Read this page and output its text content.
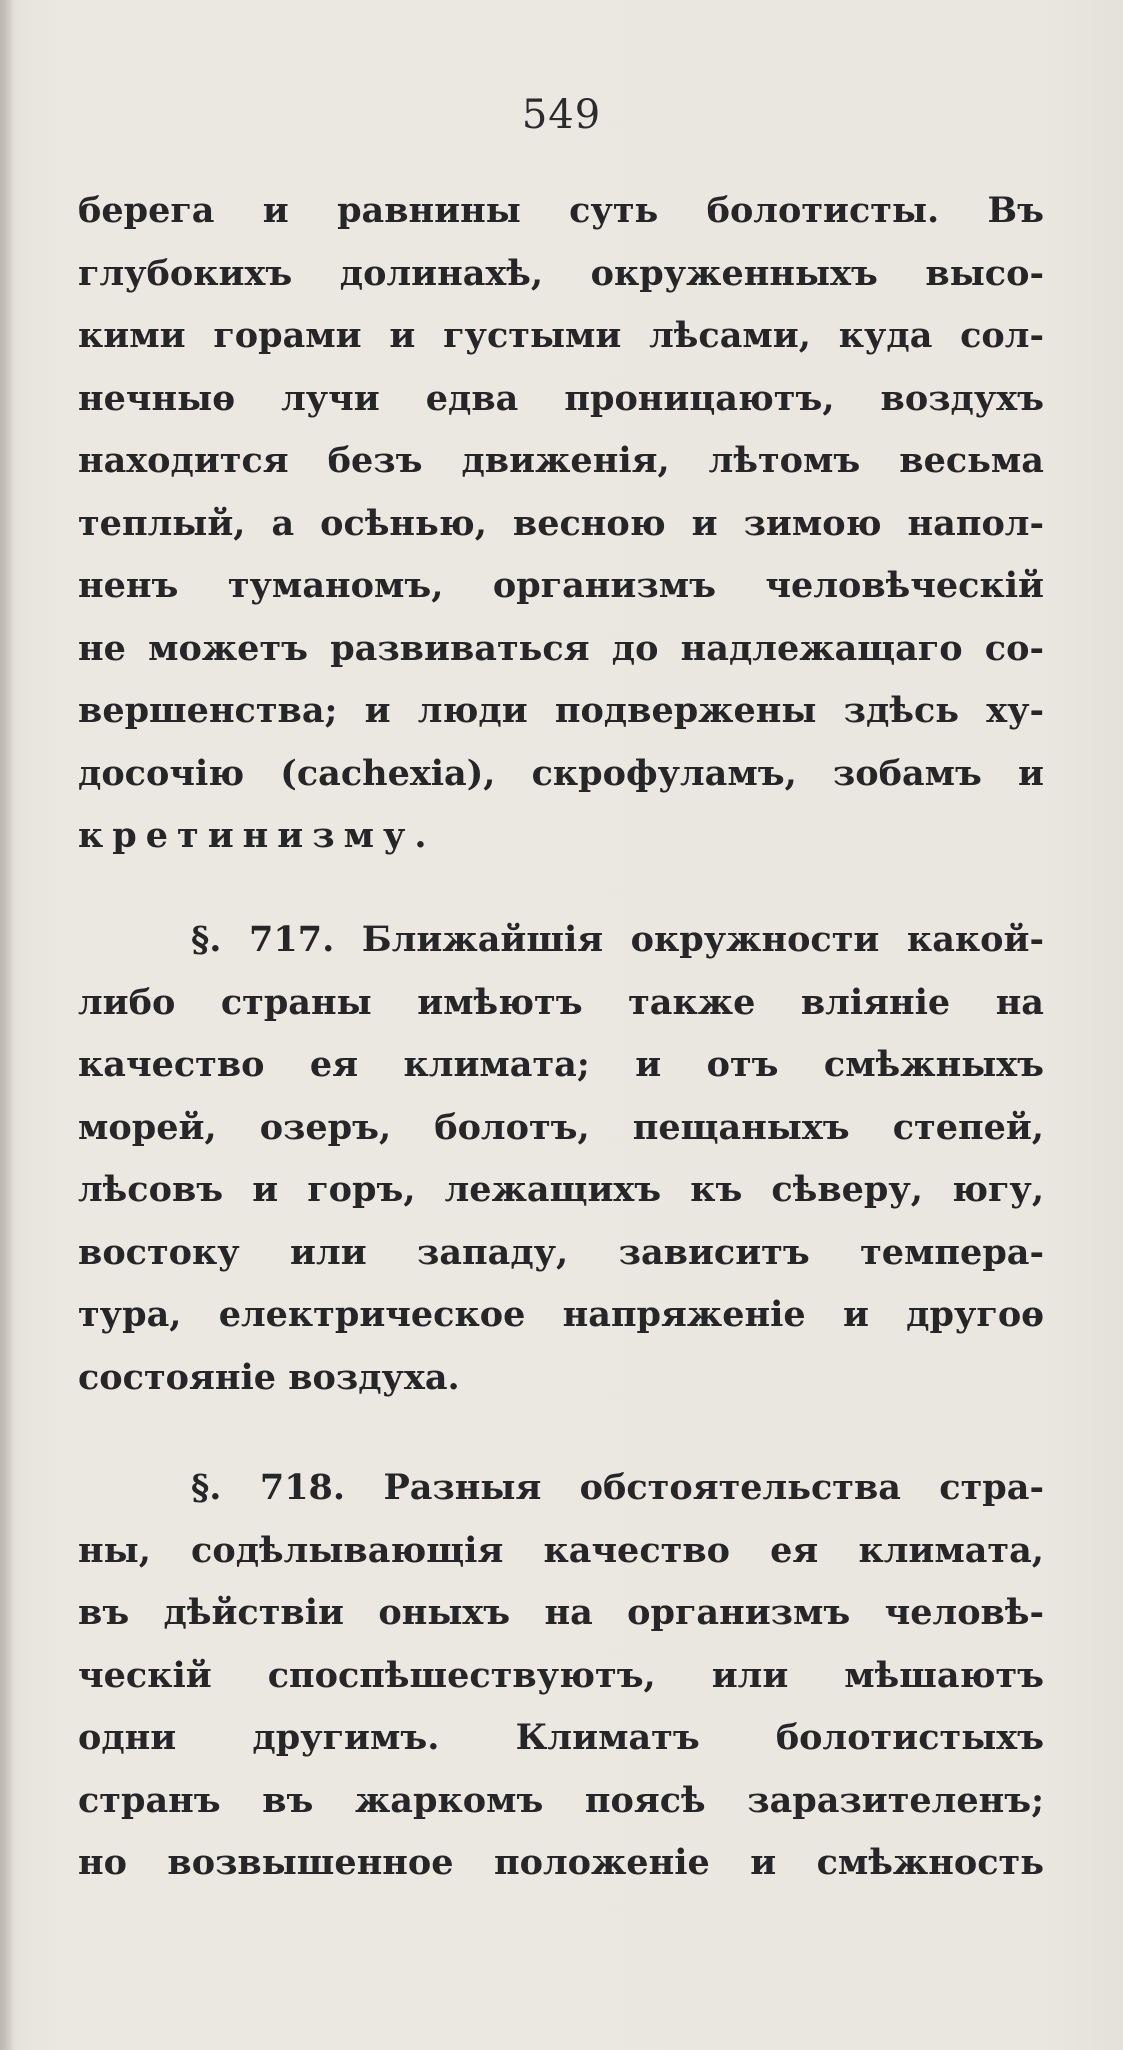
549
берега и равнины суть болотисты. Въ
глубокихъ долинахѣ, окруженныхъ высо-
кими горами и густыми лѣсами, куда сол-
нечныѳ лучи едва проницаютъ, воздухъ
находится безъ движенія, лѣтомъ весьма
теплый, а осѣнью, весною и зимою напол-
ненъ туманомъ, организмъ человѣческій
не можетъ развиваться до надлежащаго со-
вершенства; и люди подвержены здѣсь ху-
досочію (cachexia), скрофуламъ, зобамъ и
кретинизму.
§. 717. Ближайшія окружности какой-
либо страны имѣютъ также вліяніе на
качество ея климата; и отъ смѣжныхъ
морей, озеръ, болотъ, пещаныхъ степей,
лѣсовъ и горъ, лежащихъ къ сѣверу, югу,
востоку или западу, зависитъ темпера-
тура, електрическое напряженіе и другоѳ
состояніе воздуха.
§. 718. Разныя обстоятельства стра-
ны, содѣлывающія качество ея климата,
въ дѣйствіи оныхъ на организмъ человѣ-
ческій споспѣшествуютъ, или мѣшаютъ
одни другимъ. Климатъ болотистыхъ
странъ въ жаркомъ поясѣ заразителенъ;
но возвышенное положеніе и смѣжность
